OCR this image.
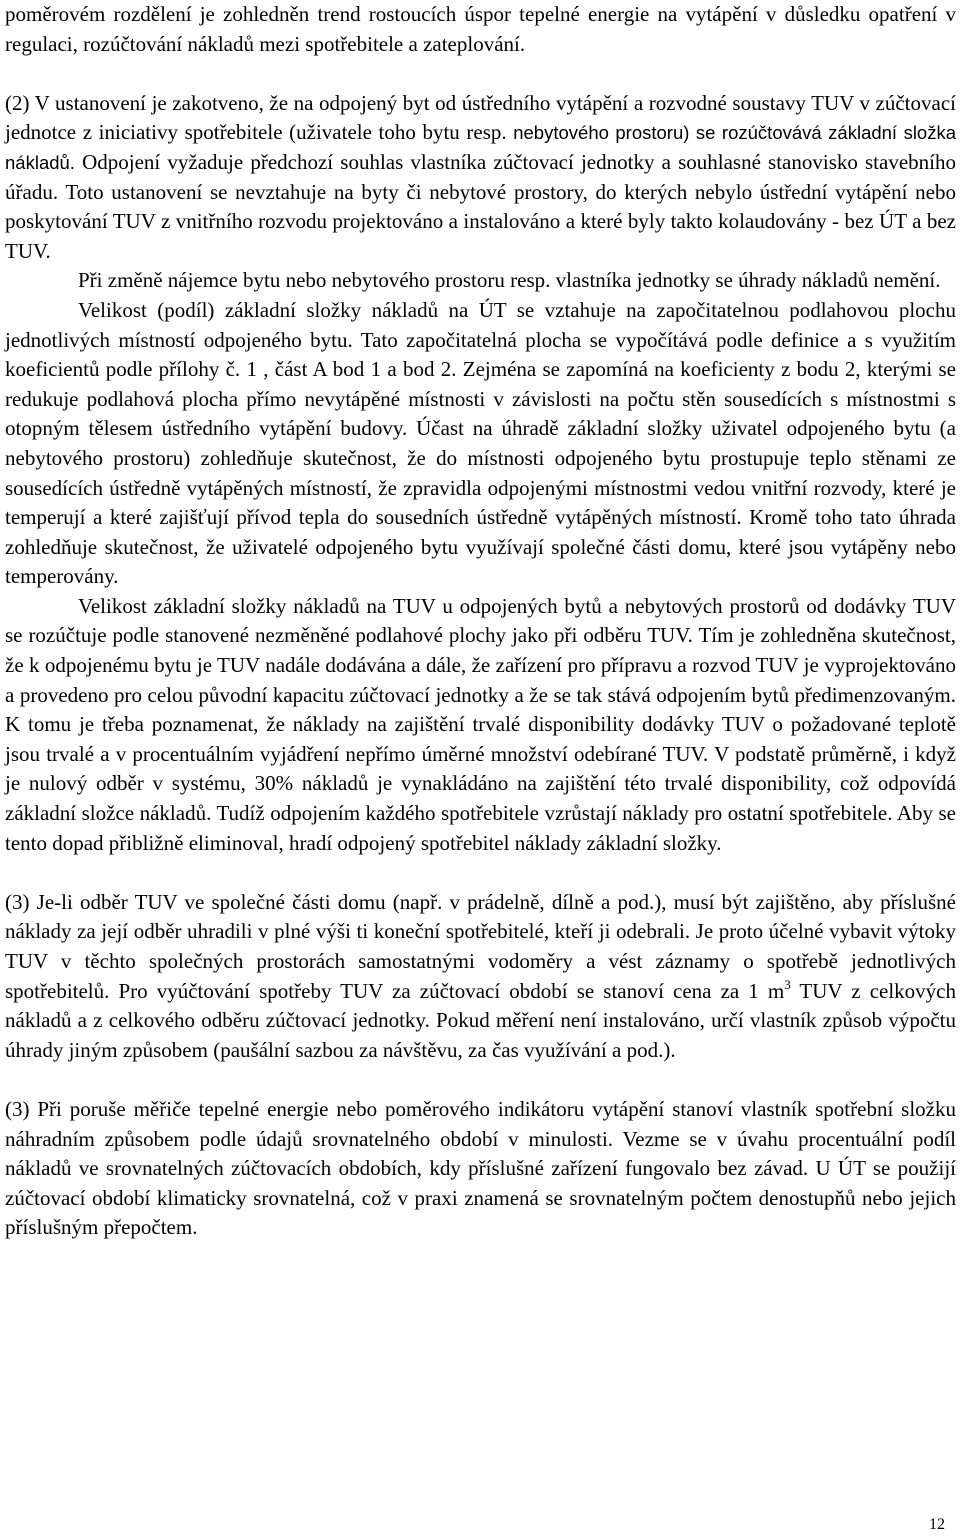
poměrovém rozdělení je zohledněn trend rostoucích úspor tepelné energie na vytápění v důsledku opatření v regulaci, rozúčtování nákladů mezi spotřebitele a zateplování.

(2) V ustanovení je zakotveno, že na odpojený byt od ústředního vytápění a rozvodné soustavy TUV v zúčtovací jednotce z iniciativy spotřebitele (uživatele toho bytu resp. nebytového prostoru) se rozúčtovává základní složka nákladů. Odpojení vyžaduje předchozí souhlas vlastníka zúčtovací jednotky a souhlasné stanovisko stavebního úřadu. Toto ustanovení se nevztahuje na byty či nebytové prostory, do kterých nebylo ústřední vytápění nebo poskytování TUV z vnitřního rozvodu projektováno a instalováno a které byly takto kolaudovány - bez ÚT a bez TUV.

Při změně nájemce bytu nebo nebytového prostoru resp. vlastníka jednotky se úhrady nákladů nemění.

Velikost (podíl) základní složky nákladů na ÚT se vztahuje na započitatelnou podlahovou plochu jednotlivých místností odpojeného bytu. Tato započitatelná plocha se vypočítává podle definice a s využitím koeficientů podle přílohy č. 1 , část A bod 1 a bod 2. Zejména se zapomíná na koeficienty z bodu 2, kterými se redukuje podlahová plocha přímo nevytápěné místnosti v závislosti na počtu stěn sousedících s místnostmi s otopným tělesem ústředního vytápění budovy. Účast na úhradě základní složky uživatel odpojeného bytu (a nebytového prostoru) zohledňuje skutečnost, že do místnosti odpojeného bytu prostupuje teplo stěnami ze sousedících ústředně vytápěných místností, že zpravidla odpojenými místnostmi vedou vnitřní rozvody, které je temperují a které zajišťují přívod tepla do sousedních ústředně vytápěných místností. Kromě toho tato úhrada zohledňuje skutečnost, že uživatelé odpojeného bytu využívají společné části domu, které jsou vytápěny nebo temperovány.

Velikost základní složky nákladů na TUV u odpojených bytů a nebytových prostorů od dodávky TUV se rozúčtuje podle stanovené nezměněné podlahové plochy jako při odběru TUV. Tím je zohledněna skutečnost, že k odpojenému bytu je TUV nadále dodávána a dále, že zařízení pro přípravu a rozvod TUV je vyprojektováno a provedeno pro celou původní kapacitu zúčtovací jednotky a že se tak stává odpojením bytů předimenzovaným. K tomu je třeba poznamenat, že náklady na zajištění trvalé disponibility dodávky TUV o požadované teplotě jsou trvalé a v procentuálním vyjádření nepřímo úměrné množství odebírané TUV. V podstatě průměrně, i když je nulový odběr v systému, 30% nákladů je vynakládáno na zajištění této trvalé disponibility, což odpovídá základní složce nákladů. Tudíž odpojením každého spotřebitele vzrůstají náklady pro ostatní spotřebitele. Aby se tento dopad přibližně eliminoval, hradí odpojený spotřebitel náklady základní složky.

(3) Je-li odběr TUV ve společné části domu (např. v prádelně, dílně a pod.), musí být zajištěno, aby příslušné náklady za její odběr uhradili v plné výši ti koneční spotřebitelé, kteří ji odebrali. Je proto účelné vybavit výtoky TUV v těchto společných prostorách samostatnými vodoměry a vést záznamy o spotřebě jednotlivých spotřebitelů. Pro vyúčtování spotřeby TUV za zúčtovací období se stanoví cena za 1 $m^3$ TUV z celkových nákladů a z celkového odběru zúčtovací jednotky. Pokud měření není instalováno, určí vlastník způsob výpočtu úhrady jiným způsobem (paušální sazbou za návštěvu, za čas využívání a pod.).

(3) Při poruše měřiče tepelné energie nebo poměrového indikátoru vytápění stanoví vlastník spotřební složku náhradním způsobem podle údajů srovnatelného období v minulosti. Vezme se v úvahu procentuální podíl nákladů ve srovnatelných zúčtovacích obdobích, kdy příslušné zařízení fungovalo bez závad. U ÚT se použijí zúčtovací období klimaticky srovnatelná, což v praxi znamená se srovnatelným počtem denostupňů nebo jejich příslušným přepočtem.

12
